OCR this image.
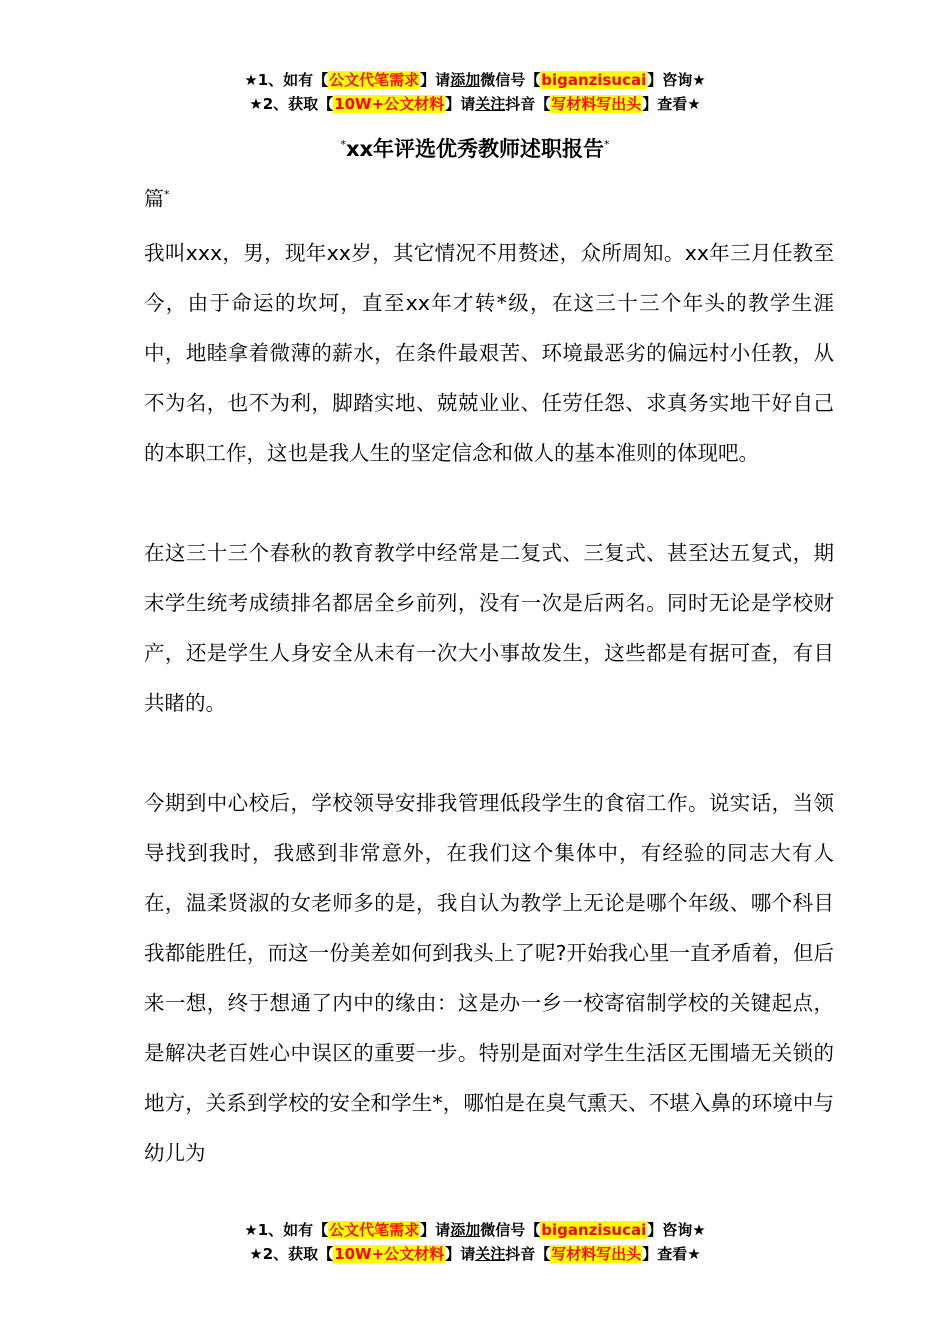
★1、如有【公文代笔需求】请添加微信号【biganzisucai】咨询★
★2、获取【10W+公文材料】请关注抖音【写材料写出头】查看★
*xx年评选优秀教师述职报告*
篇*

我叫xxx，男，现年xx岁，其它情况不用赘述，众所周知。xx年三月任教至今，由于命运的坎坷，直至xx年才转*级，在这三十三个年头的教学生涯中，地睦拿着微薄的薪水，在条件最艰苦、环境最恶劣的偏远村小任教，从不为名，也不为利，脚踏实地、兢兢业业、任劳任怨、求真务实地干好自己的本职工作，这也是我人生的坚定信念和做人的基本准则的体现吧。

在这三十三个春秋的教育教学中经常是二复式、三复式、甚至达五复式，期末学生统考成绩排名都居全乡前列，没有一次是后两名。同时无论是学校财产，还是学生人身安全从未有一次大小事故发生，这些都是有据可查，有目共睹的。

今期到中心校后，学校领导安排我管理低段学生的食宿工作。说实话，当领导找到我时，我感到非常意外，在我们这个集体中，有经验的同志大有人在，温柔贤淑的女老师多的是，我自认为教学上无论是哪个年级、哪个科目我都能胜任，而这一份美差如何到我头上了呢?开始我心里一直矛盾着，但后来一想，终于想通了内中的缘由：这是办一乡一校寄宿制学校的关键起点，是解决老百姓心中误区的重要一步。特别是面对学生生活区无围墙无关锁的地方，关系到学校的安全和学生*，哪怕是在臭气熏天、不堪入鼻的环境中与幼儿为

★1、如有【公文代笔需求】请添加微信号【biganzisucai】咨询★
★2、获取【10W+公文材料】请关注抖音【写材料写出头】查看★
